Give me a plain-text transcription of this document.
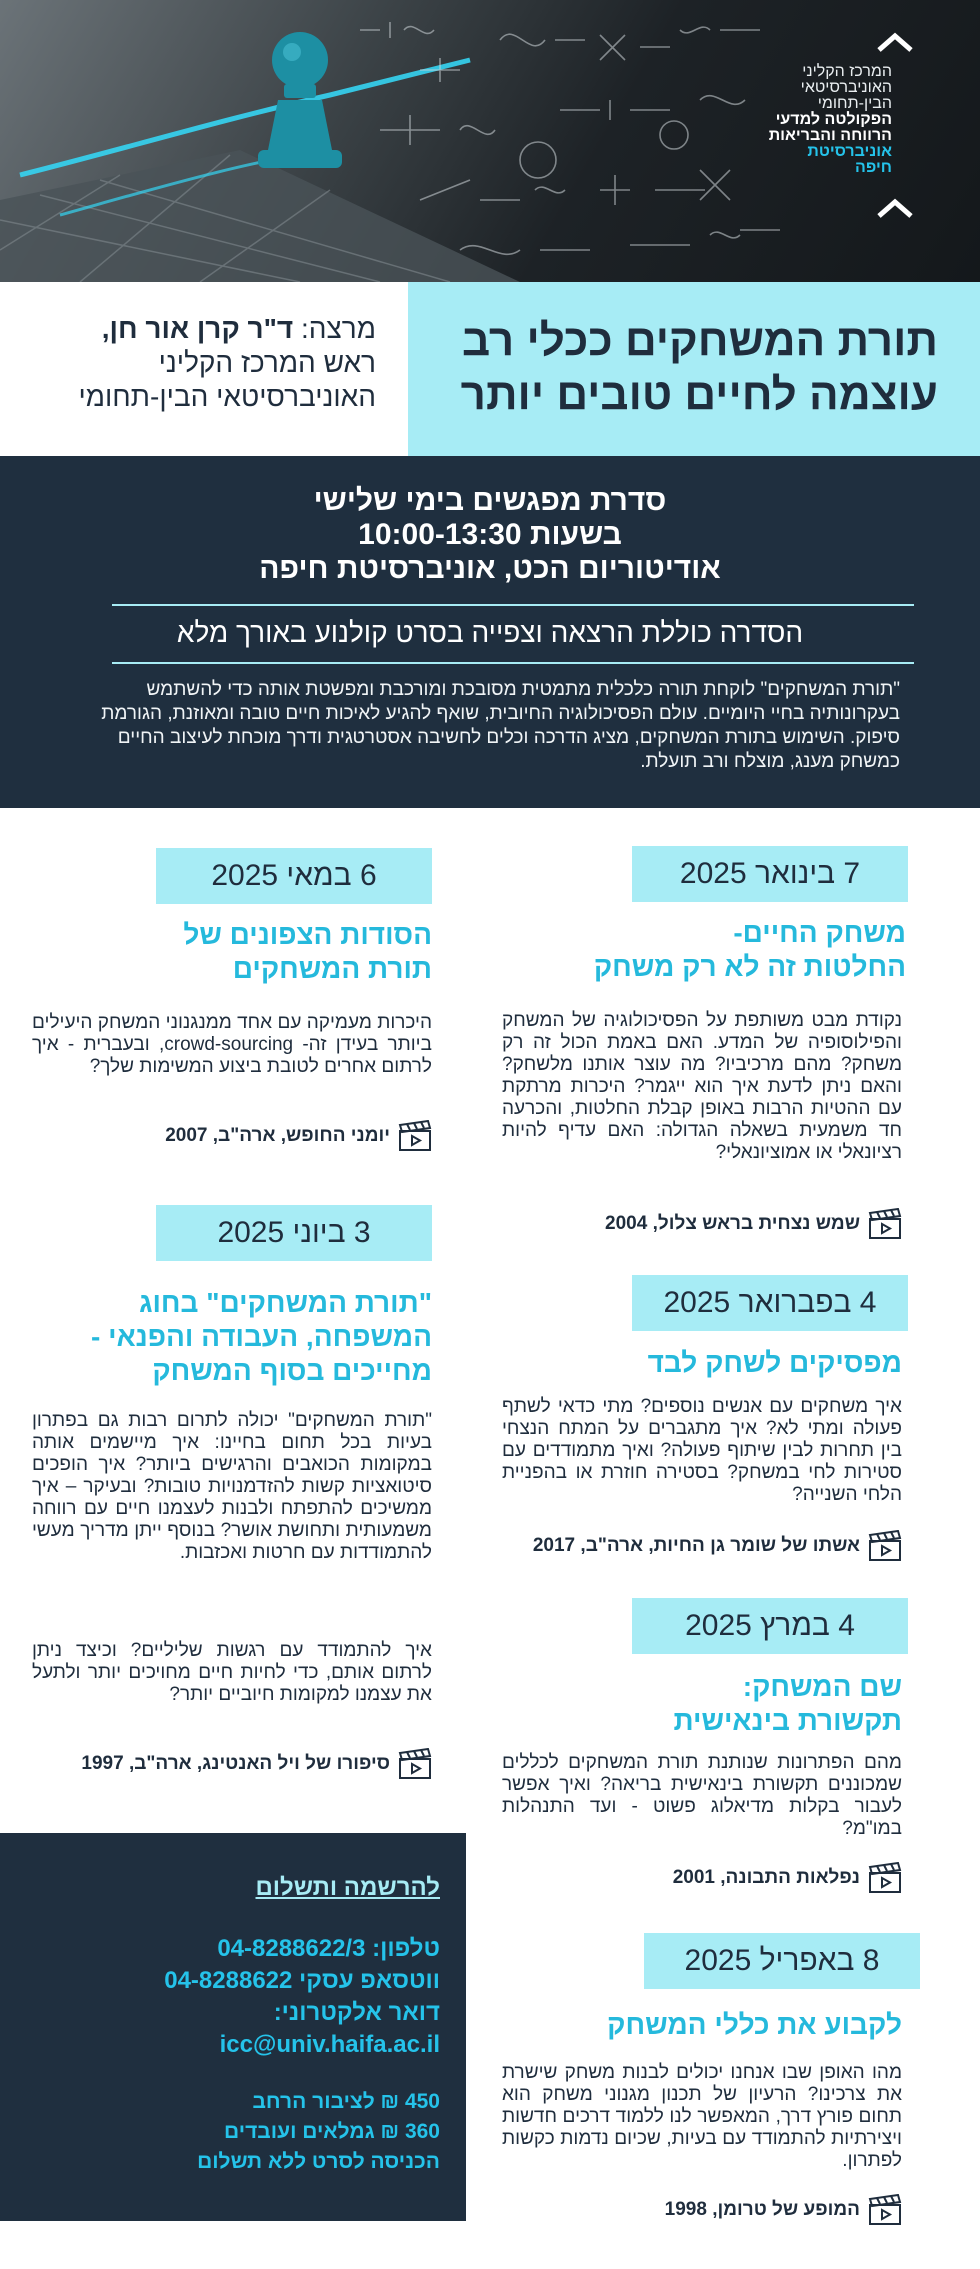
המרכז הקליני
האוניברסיטאי
הבין-תחומי
הפקולטה למדעי
הרווחה והבריאות
אוניברסיטת
חיפה
תורת המשחקים ככלי רב
עוצמה לחיים טובים יותר
מרצה: ד"ר קרן אור חן,
ראש המרכז הקליני
האוניברסיטאי הבין-תחומי
סדרת מפגשים בימי שלישי
בשעות 10:00-13:30
אודיטוריום הכט, אוניברסיטת חיפה
הסדרה כוללת הרצאה וצפייה בסרט קולנוע באורך מלא
"תורת המשחקים" לוקחת תורה כלכלית מתמטית מסובכת ומורכבת ומפשטת אותה כדי להשתמש בעקרונותיה בחיי היומיים. עולם הפסיכולוגיה החיובית, שואף להגיע לאיכות חיים טובה ומאוזנת, הגורמת סיפוק. השימוש בתורת המשחקים, מציג הדרכה וכלים לחשיבה אסטרטגית ודרך מוכחת לעיצוב החיים כמשחק מענג, מוצלח ורב תועלת.
7 בינואר 2025
משחק החיים-
החלטות זה לא רק משחק
נקודת מבט משותפת על הפסיכולוגיה של המשחק והפילוסופיה של המדע. האם באמת הכול זה רק משחק? מהם מרכיביו? מה עוצר אותנו מלשחק? והאם ניתן לדעת איך הוא ייגמר? היכרות מרתקת עם ההטיות הרבות באופן קבלת החלטות, והכרעה חד משמעית בשאלה הגדולה: האם עדיף להיות רציונאלי או אמוציונאלי?
שמש נצחית בראש צלול, 2004
4 בפברואר 2025
מפסיקים לשחק לבד
איך משחקים עם אנשים נוספים? מתי כדאי לשתף פעולה ומתי לא? איך מתגברים על המתח הנצחי בין תחרות לבין שיתוף פעולה? ואיך מתמודדים עם סטירות לחי במשחק? בסטירה חוזרת או בהפניית הלחי השנייה?
אשתו של שומר גן החיות, ארה"ב, 2017
4 במרץ 2025
שם המשחק:
תקשורת בינאישית
מהם הפתרונות שנותנת תורת המשחקים לכללים שמכוננים תקשורת בינאישית בריאה? ואיך אפשר לעבור בקלות מדיאלוג פשוט - ועד התנהלות במו"מ?
נפלאות התבונה, 2001
8 באפריל 2025
לקבוע את כללי המשחק
מהו האופן שבו אנחנו יכולים לבנות משחק שישרת את צרכינו? הרעיון של תכנון מגנוני משחק הוא תחום פורץ דרך, המאפשר לנו ללמוד דרכים חדשות ויצירתיות להתמודד עם בעיות, שכיום נדמות כקשות לפתרון.
המופע של טרומן, 1998
6 במאי 2025
הסודות הצפונים של
תורת המשחקים
היכרות מעמיקה עם אחד ממנגנוני המשחק היעילים ביותר בעידן זה- crowd-sourcing, ובעברית - איך לרתום אחרים לטובת ביצוע המשימות שלך?
יומני החופש, ארה"ב, 2007
3 ביוני 2025
"תורת המשחקים" בחוג
המשפחה, העבודה והפנאי -
מחייכים בסוף המשחק
"תורת המשחקים" יכולה לתרום רבות גם בפתרון בעיות בכל תחום בחיינו: איך מיישמים אותה במקומות הכואבים והרגישים ביותר? איך הופכים סיטואציות קשות להזדמנויות טובות? ובעיקר – איך ממשיכים להתפתח ולבנות לעצמנו חיים עם רווחה משמעותית ותחושת אושר? בנוסף ייתן מדריך מעשי להתמודדות עם חרטות ואכזבות.
איך להתמודד עם רגשות שליליים? וכיצד ניתן לרתום אותם, כדי לחיות חיים מחויכים יותר ולתעל את עצמנו למקומות חיוביים יותר?
סיפורו של ויל האנטינג, ארה"ב, 1997
להרשמה ותשלום
טלפון: 04-8288622/3
ווטסאפ עסקי 04-8288622
דואר אלקטרוני:
icc@univ.haifa.ac.il
450 ₪ לציבור הרחב
360 ₪ גמלאים ועובדים
הכניסה לסרט ללא תשלום
